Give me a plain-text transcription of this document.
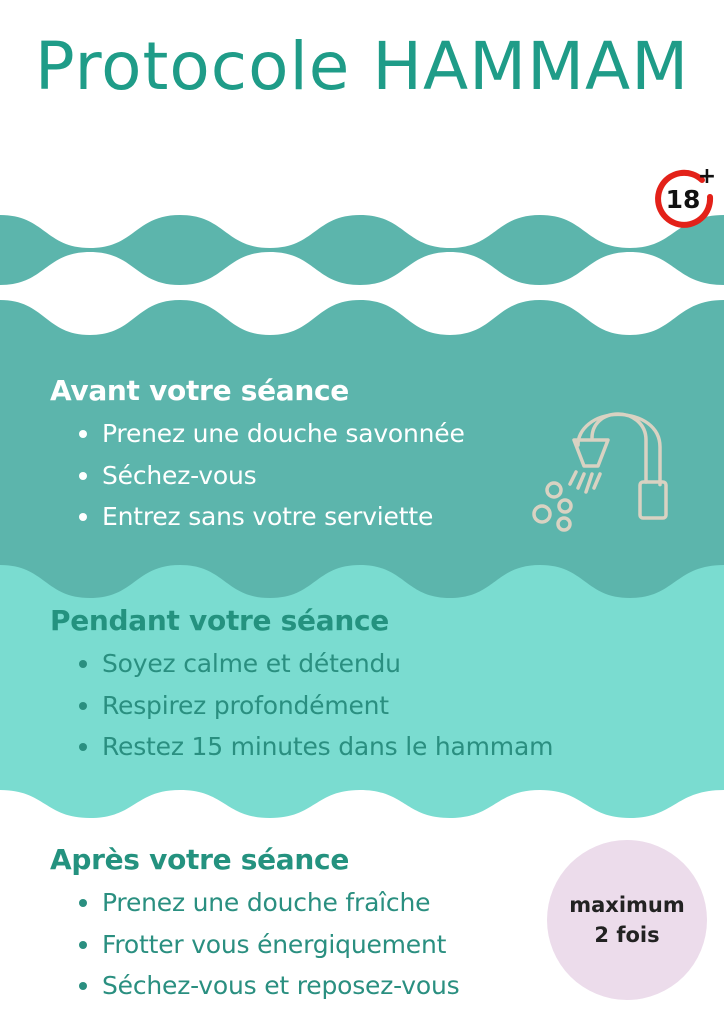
Protocole HAMMAM
18
+
Avant votre séance
Prenez une douche savonnée
Séchez-vous
Entrez sans votre serviette
Pendant votre séance
Soyez calme et détendu
Respirez profondément
Restez 15 minutes dans le hammam
Après votre séance
Prenez une douche fraîche
Frotter vous énergiquement
Séchez-vous et reposez-vous
maximum
2 fois
